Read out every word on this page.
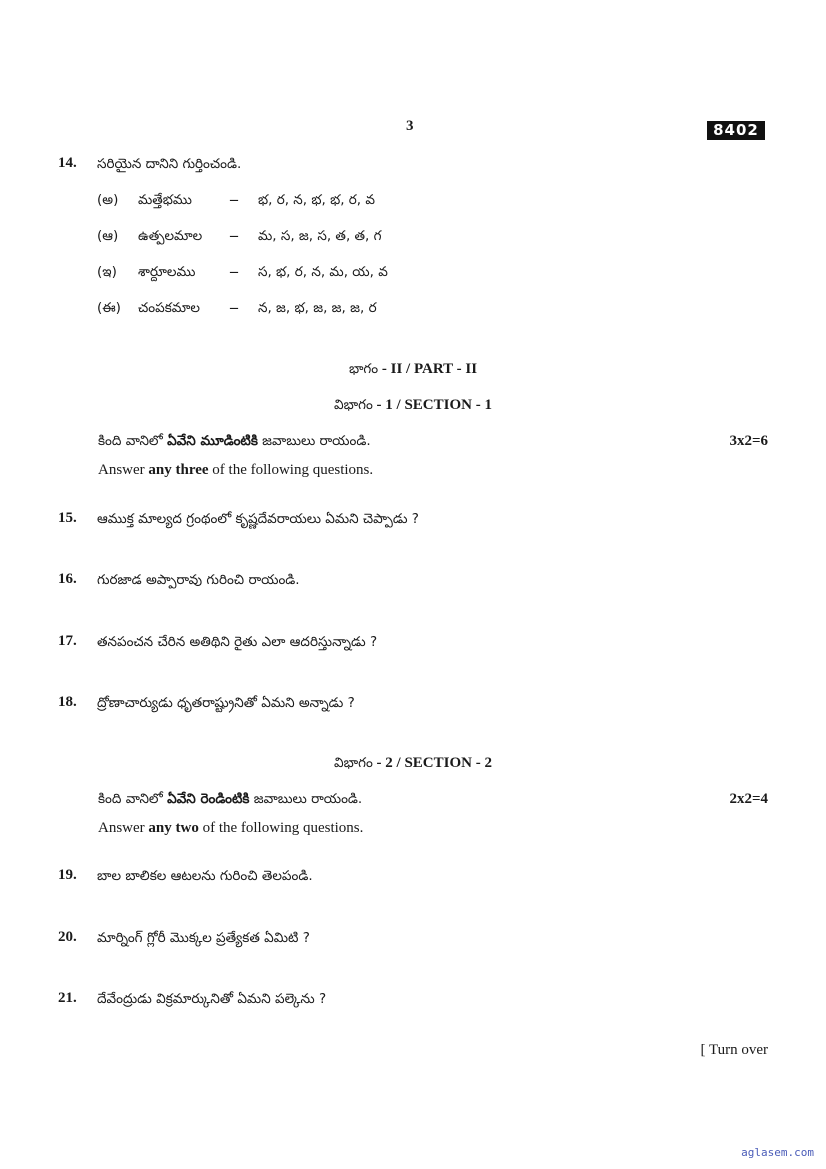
3	8402
14. సరియైన దానిని గుర్తించండి.
(అ) మత్తేభము – భ, ర, న, భ, భ, ర, వ
(ఆ) ఉత్పలమాల – మ, స, జ, స, త, త, గ
(ఇ) శార్దూలము – స, భ, ర, న, మ, య, వ
(ఈ) చంపకమాల – న, జ, భ, జ, జ, జ, ర
భాగం - II / PART - II
విభాగం - 1 / SECTION - 1
కింది వానిలో ఏవేని మూడింటికి జవాబులు రాయండి.	3x2=6
Answer any three of the following questions.
15. ఆముక్త మాల్యద గ్రంథంలో కృష్ణదేవరాయలు ఏమని చెప్పాడు ?
16. గురజాడ అప్పారావు గురించి రాయండి.
17. తనపంచన చేరిన అతిథిని రైతు ఎలా ఆదరిస్తున్నాడు ?
18. ద్రోణాచార్యుడు ధృతరాష్ట్రునితో ఏమని అన్నాడు ?
విభాగం - 2 / SECTION - 2
కింది వానిలో ఏవేని రెండింటికి జవాబులు రాయండి.	2x2=4
Answer any two of the following questions.
19. బాల బాలికల ఆటలను గురించి తెలపండి.
20. మార్నింగ్ గ్లోరీ మొక్కల ప్రత్యేకత ఏమిటి ?
21. దేవేంద్రుడు విక్రమార్కునితో ఏమని పల్కెను ?
[ Turn over
aglasem.com
